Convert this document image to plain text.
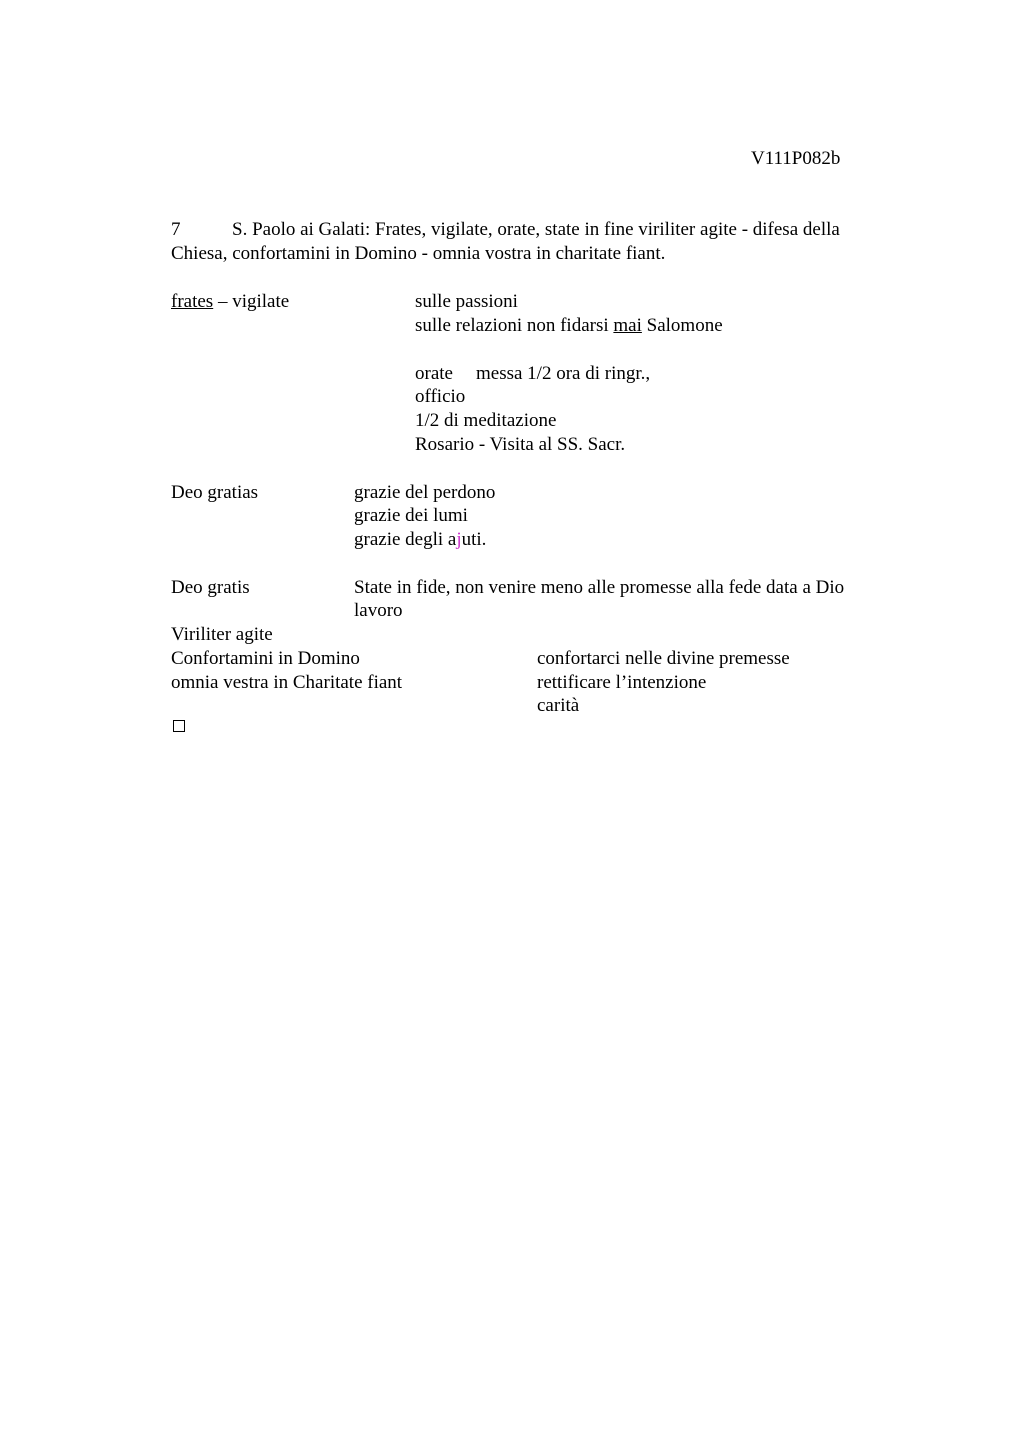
V111P082b
7	S. Paolo ai Galati: Frates, vigilate, orate, state in fine viriliter agite - difesa della
Chiesa, confortamini in Domino - omnia vostra in charitate fiant.
frates – vigilate	sulle passioni
sulle relazioni non fidarsi mai Salomone
orate messa 1/2 ora di ringr.,
officio
1/2 di meditazione
Rosario - Visita al SS. Sacr.
Deo gratias	grazie del perdono
grazie dei lumi
grazie degli ajuti.
Deo gratis	State in fide, non venire meno alle promesse alla fede data a Dio
lavoro
Viriliter agite
Confortamini in Domino	confortarci nelle divine premesse
omnia vestra in Charitate fiant	rettificare l’intenzione
carità
